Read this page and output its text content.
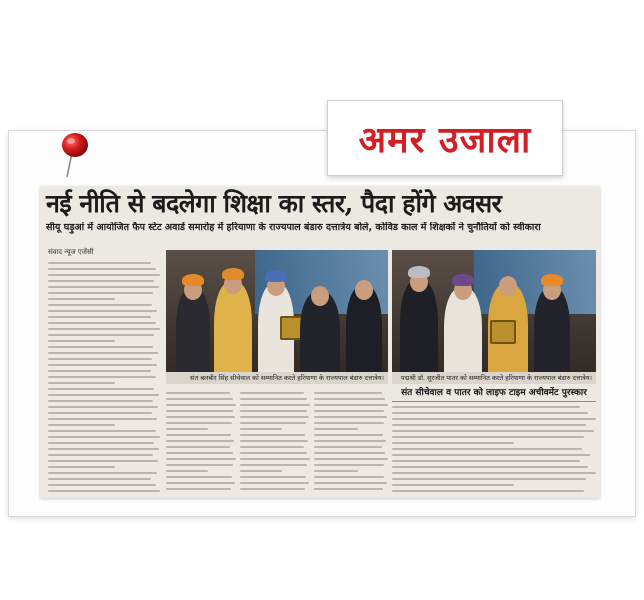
अमर उजाला
नई नीति से बदलेगा शिक्षा का स्तर, पैदा होंगे अवसर
सीयू घड़ुआं में आयोजित फैप स्टेट अवार्ड समारोह में हरियाणा के राज्यपाल बंडारु दत्तात्रेय बोले, कोविड काल में शिक्षकों ने चुनौतियों को स्वीकारा
संवाद न्यूज एजेंसी
संत बलबीर सिंह सीचेवाल को सम्मानित करते हरियाणा के राज्यपाल बंडारु दत्तात्रेय।	पद्मश्री डॉ. सुरजीत पातर को सम्मानित करते हरियाणा के राज्यपाल बंडारु दत्तात्रेय।
संत सीचेवाल व पातर को लाइफ टाइम अचीवमेंट पुरस्कार
